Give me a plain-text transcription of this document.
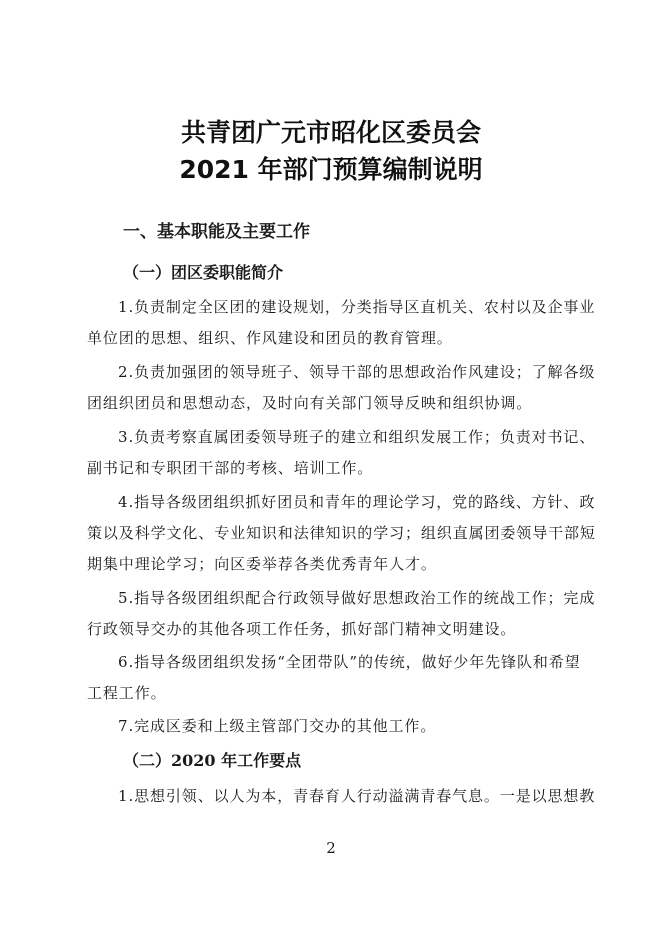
共青团广元市昭化区委员会
2021 年部门预算编制说明
一、基本职能及主要工作
（一）团区委职能简介

1.负责制定全区团的建设规划，分类指导区直机关、农村以及企事业

单位团的思想、组织、作风建设和团员的教育管理。

2.负责加强团的领导班子、领导干部的思想政治作风建设；了解各级

团组织团员和思想动态，及时向有关部门领导反映和组织协调。

3.负责考察直属团委领导班子的建立和组织发展工作；负责对书记、

副书记和专职团干部的考核、培训工作。

4.指导各级团组织抓好团员和青年的理论学习，党的路线、方针、政

策以及科学文化、专业知识和法律知识的学习；组织直属团委领导干部短

期集中理论学习；向区委举荐各类优秀青年人才。

5.指导各级团组织配合行政领导做好思想政治工作的统战工作；完成

行政领导交办的其他各项工作任务，抓好部门精神文明建设。

6.指导各级团组织发扬“全团带队”的传统，做好少年先锋队和希望

工程工作。

7.完成区委和上级主管部门交办的其他工作。

（二）2020 年工作要点

1.思想引领、以人为本，青春育人行动溢满青春气息。一是以思想教

2
